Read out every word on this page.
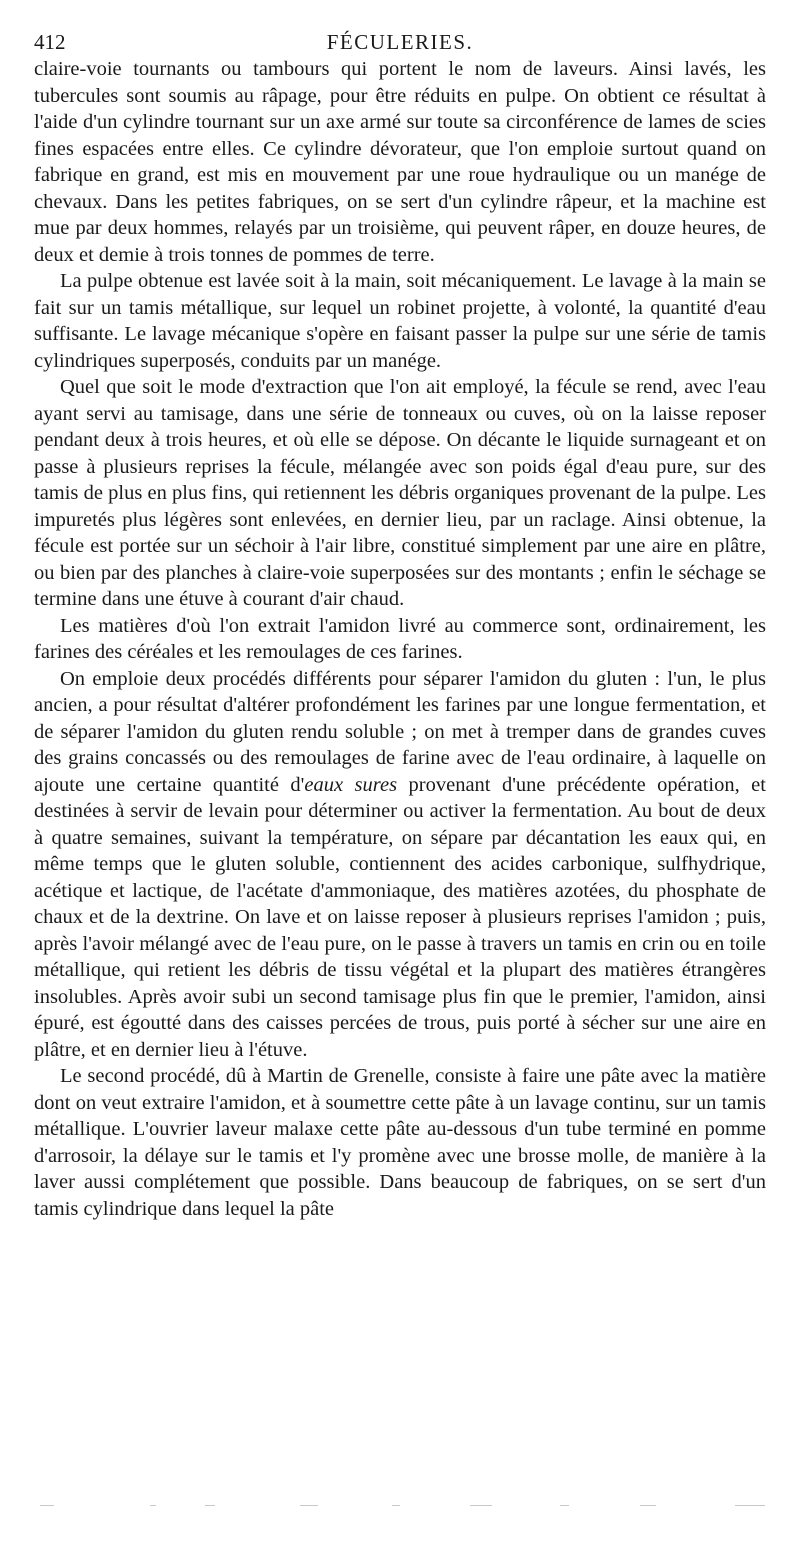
412	FÉCULERIES.

claire-voie tournants ou tambours qui portent le nom de laveurs. Ainsi lavés, les tubercules sont soumis au râpage, pour être réduits en pulpe. On obtient ce résultat à l'aide d'un cylindre tournant sur un axe armé sur toute sa circonférence de lames de scies fines espacées entre elles. Ce cylindre dévorateur, que l'on emploie surtout quand on fabrique en grand, est mis en mouvement par une roue hydraulique ou un manége de chevaux. Dans les petites fabriques, on se sert d'un cylindre râpeur, et la machine est mue par deux hommes, relayés par un troisième, qui peuvent râper, en douze heures, de deux et demie à trois tonnes de pommes de terre.

La pulpe obtenue est lavée soit à la main, soit mécaniquement. Le lavage à la main se fait sur un tamis métallique, sur lequel un robinet projette, à volonté, la quantité d'eau suffisante. Le lavage mécanique s'opère en faisant passer la pulpe sur une série de tamis cylindriques superposés, conduits par un manége.

Quel que soit le mode d'extraction que l'on ait employé, la fécule se rend, avec l'eau ayant servi au tamisage, dans une série de tonneaux ou cuves, où on la laisse reposer pendant deux à trois heures, et où elle se dépose. On décante le liquide surnageant et on passe à plusieurs reprises la fécule, mélangée avec son poids égal d'eau pure, sur des tamis de plus en plus fins, qui retiennent les débris organiques provenant de la pulpe. Les impuretés plus légères sont enlevées, en dernier lieu, par un raclage. Ainsi obtenue, la fécule est portée sur un séchoir à l'air libre, constitué simplement par une aire en plâtre, ou bien par des planches à claire-voie superposées sur des montants ; enfin le séchage se termine dans une étuve à courant d'air chaud.

Les matières d'où l'on extrait l'amidon livré au commerce sont, ordinairement, les farines des céréales et les remoulages de ces farines.

On emploie deux procédés différents pour séparer l'amidon du gluten : l'un, le plus ancien, a pour résultat d'altérer profondément les farines par une longue fermentation, et de séparer l'amidon du gluten rendu soluble ; on met à tremper dans de grandes cuves des grains concassés ou des remoulages de farine avec de l'eau ordinaire, à laquelle on ajoute une certaine quantité d'eaux sures provenant d'une précédente opération, et destinées à servir de levain pour déterminer ou activer la fermentation. Au bout de deux à quatre semaines, suivant la température, on sépare par décantation les eaux qui, en même temps que le gluten soluble, contiennent des acides carbonique, sulfhydrique, acétique et lactique, de l'acétate d'ammoniaque, des matières azotées, du phosphate de chaux et de la dextrine. On lave et on laisse reposer à plusieurs reprises l'amidon ; puis, après l'avoir mélangé avec de l'eau pure, on le passe à travers un tamis en crin ou en toile métallique, qui retient les débris de tissu végétal et la plupart des matières étrangères insolubles. Après avoir subi un second tamisage plus fin que le premier, l'amidon, ainsi épuré, est égoutté dans des caisses percées de trous, puis porté à sécher sur une aire en plâtre, et en dernier lieu à l'étuve.

Le second procédé, dû à Martin de Grenelle, consiste à faire une pâte avec la matière dont on veut extraire l'amidon, et à soumettre cette pâte à un lavage continu, sur un tamis métallique. L'ouvrier laveur malaxe cette pâte au-dessous d'un tube terminé en pomme d'arrosoir, la délaye sur le tamis et l'y promène avec une brosse molle, de manière à la laver aussi complétement que possible. Dans beaucoup de fabriques, on se sert d'un tamis cylindrique dans lequel la pâte
